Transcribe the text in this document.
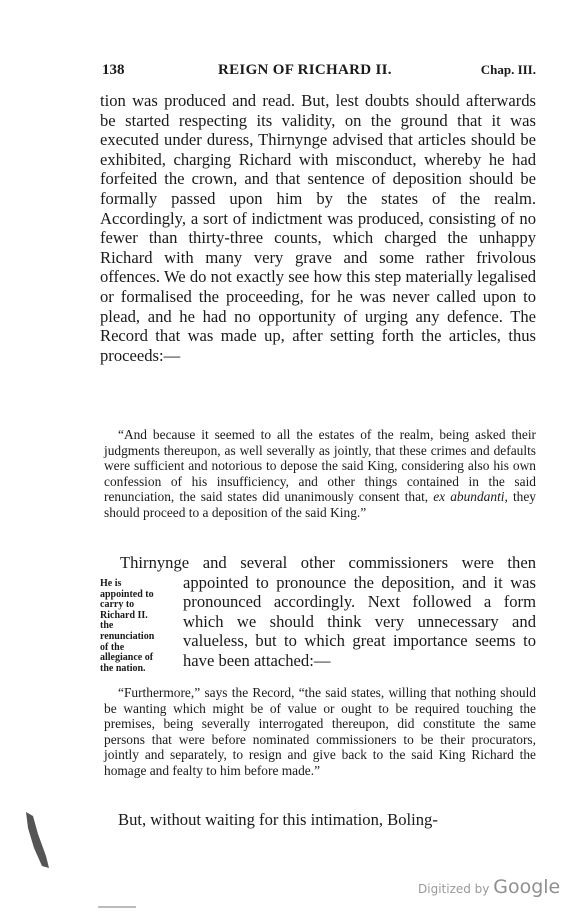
138	REIGN OF RICHARD II.	Chap. III.

tion was produced and read. But, lest doubts should afterwards be started respecting its validity, on the ground that it was executed under duress, Thirnynge advised that articles should be exhibited, charging Richard with misconduct, whereby he had forfeited the crown, and that sentence of deposition should be formally passed upon him by the states of the realm. Accordingly, a sort of indictment was produced, consisting of no fewer than thirty-three counts, which charged the unhappy Richard with many very grave and some rather frivolous offences. We do not exactly see how this step materially legalised or formalised the proceeding, for he was never called upon to plead, and he had no opportunity of urging any defence. The Record that was made up, after setting forth the articles, thus proceeds:—

“And because it seemed to all the estates of the realm, being asked their judgments thereupon, as well severally as jointly, that these crimes and defaults were sufficient and notorious to depose the said King, considering also his own confession of his insufficiency, and other things contained in the said renunciation, the said states did unanimously consent that, ex abundanti, they should proceed to a deposition of the said King.”

He is appointed to carry to Richard II. the renunciation of the allegiance of the nation.

Thirnynge and several other commissioners were then appointed to pronounce the deposition, and it was pronounced accordingly. Next followed a form which we should think very unnecessary and valueless, but to which great importance seems to have been attached:—

“Furthermore,” says the Record, “the said states, willing that nothing should be wanting which might be of value or ought to be required touching the premises, being severally interrogated thereupon, did constitute the same persons that were before nominated commissioners to be their procurators, jointly and separately, to resign and give back to the said King Richard the homage and fealty to him before made.”

But, without waiting for this intimation, Boling-

Digitized by Google
